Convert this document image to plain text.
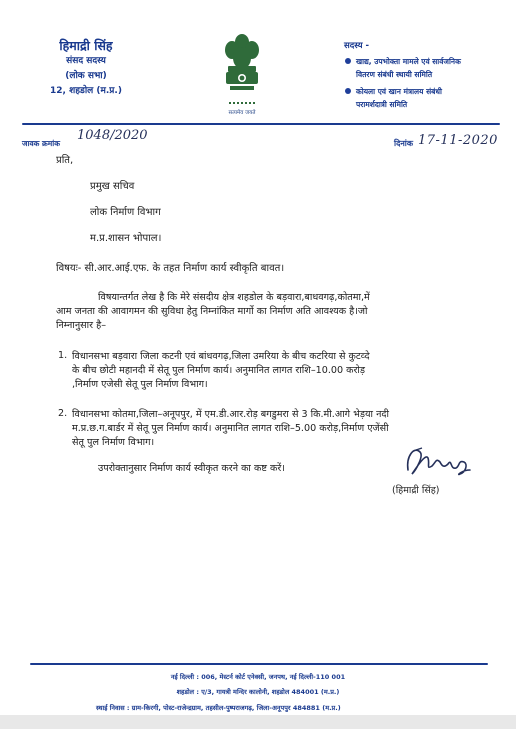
हिमाद्री सिंह
संसद सदस्य
(लोक सभा)
12, शहडोल (म.प्र.)
सत्यमेव जयते
सदस्य -
खाद्य, उपभोक्ता मामले एवं सार्वजनिक
वितरण संबंधी स्थायी समिति
कोयला एवं खान मंत्रालय संबंधी
परामर्शदात्री समिति
जावक क्रमांक
1048/2020
दिनांक 17-11-2020
प्रति,
प्रमुख सचिव
लोक निर्माण विभाग
म.प्र.शासन भोपाल।
विषयः- सी.आर.आई.एफ. के तहत निर्माण कार्य स्वीकृति बावत।
विषयान्तर्गत लेख है कि मेरे संसदीय क्षेत्र शहडोल के बड़वारा,बाधवगढ़,कोतमा,में
आम जनता की आवागमन की सुविधा हेतु निम्नांकित मार्गो का निर्माण अति आवश्यक है।जो
निम्नानुसार है–
1. विधानसभा बड़वारा जिला कटनी एवं बांधवगढ़,जिला उमरिया के बीच कटरिया से कुटव्दे
के बीच छोटी महानदी में सेतू पुल निर्माण कार्य। अनुमानित लागत राशि–10.00 करोड़
,निर्माण एजेसी सेतू पुल निर्माण विभाग।
2. विधानसभा कोतमा,जिला–अनूपपुर, में एम.डी.आर.रोड़ बगडुमरा से 3 कि.मी.आगे भेड़या नदी
म.प्र.छ.ग.बार्डर में सेतू पुल निर्माण कार्य। अनुमानित लागत राशि–5.00 करोड़,निर्माण एजेंसी
सेतू पुल निर्माण विभाग।
उपरोक्तानुसार निर्माण कार्य स्वीकृत करने का कष्ट करें।
(हिमाद्री सिंह)
नई दिल्ली : 006, मेस्टर्न कोर्ट एनेक्सी, जनपथ, नई दिल्ली-110 001
शहडोल : ए/3, गायत्री मन्दिर कालोनी, शहडोल 484001 (म.प्र.)
स्थाई निवास : ग्राम-किरगी, पोस्ट-राजेन्द्रग्राम, तहसील-पुष्पराजगढ़, जिला-अनूपपुर 484881 (म.प्र.)
